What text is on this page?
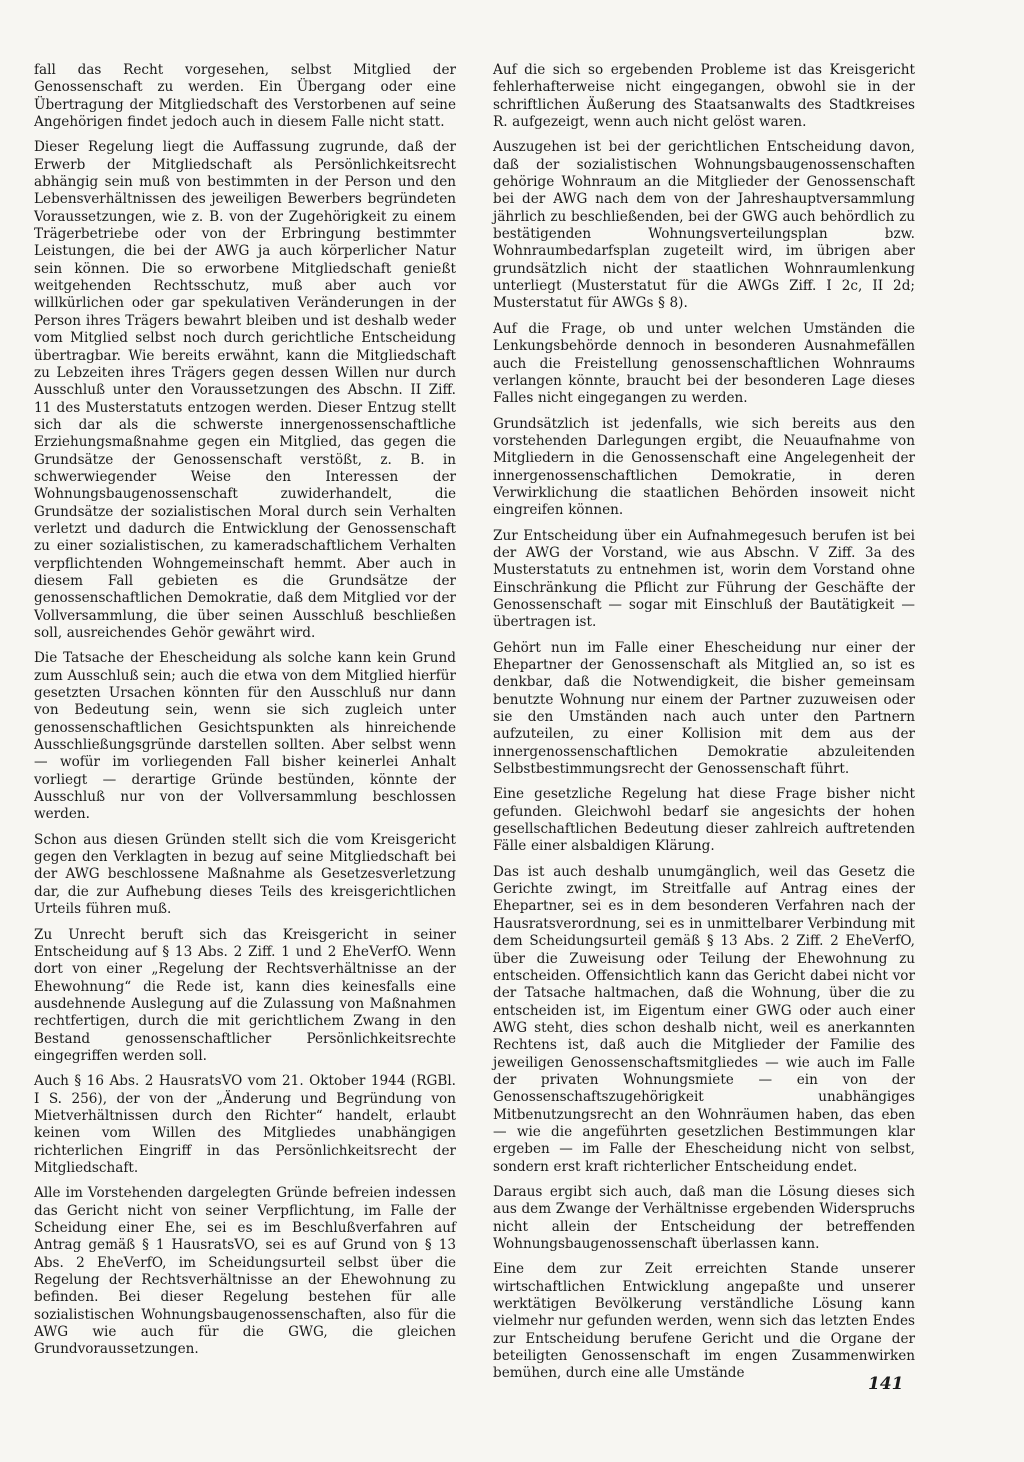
fall das Recht vorgesehen, selbst Mitglied der Genossenschaft zu werden. Ein Übergang oder eine Übertragung der Mitgliedschaft des Verstorbenen auf seine Angehörigen findet jedoch auch in diesem Falle nicht statt.

Dieser Regelung liegt die Auffassung zugrunde, daß der Erwerb der Mitgliedschaft als Persönlichkeitsrecht abhängig sein muß von bestimmten in der Person und den Lebensverhältnissen des jeweiligen Bewerbers begründeten Voraussetzungen, wie z. B. von der Zugehörigkeit zu einem Trägerbetriebe oder von der Erbringung bestimmter Leistungen, die bei der AWG ja auch körperlicher Natur sein können. Die so erworbene Mitgliedschaft genießt weitgehenden Rechtsschutz, muß aber auch vor willkürlichen oder gar spekulativen Veränderungen in der Person ihres Trägers bewahrt bleiben und ist deshalb weder vom Mitglied selbst noch durch gerichtliche Entscheidung übertragbar. Wie bereits erwähnt, kann die Mitgliedschaft zu Lebzeiten ihres Trägers gegen dessen Willen nur durch Ausschluß unter den Voraussetzungen des Abschn. II Ziff. 11 des Musterstatuts entzogen werden. Dieser Entzug stellt sich dar als die schwerste innergenossenschaftliche Erziehungsmaßnahme gegen ein Mitglied, das gegen die Grundsätze der Genossenschaft verstößt, z. B. in schwerwiegender Weise den Interessen der Wohnungsbaugenossenschaft zuwiderhandelt, die Grundsätze der sozialistischen Moral durch sein Verhalten verletzt und dadurch die Entwicklung der Genossenschaft zu einer sozialistischen, zu kameradschaftlichem Verhalten verpflichtenden Wohngemeinschaft hemmt. Aber auch in diesem Fall gebieten es die Grundsätze der genossenschaftlichen Demokratie, daß dem Mitglied vor der Vollversammlung, die über seinen Ausschluß beschließen soll, ausreichendes Gehör gewährt wird.

Die Tatsache der Ehescheidung als solche kann kein Grund zum Ausschluß sein; auch die etwa von dem Mitglied hierfür gesetzten Ursachen könnten für den Ausschluß nur dann von Bedeutung sein, wenn sie sich zugleich unter genossenschaftlichen Gesichtspunkten als hinreichende Ausschließungsgründe darstellen sollten. Aber selbst wenn — wofür im vorliegenden Fall bisher keinerlei Anhalt vorliegt — derartige Gründe bestünden, könnte der Ausschluß nur von der Vollversammlung beschlossen werden.

Schon aus diesen Gründen stellt sich die vom Kreisgericht gegen den Verklagten in bezug auf seine Mitgliedschaft bei der AWG beschlossene Maßnahme als Gesetzesverletzung dar, die zur Aufhebung dieses Teils des kreisgerichtlichen Urteils führen muß.

Zu Unrecht beruft sich das Kreisgericht in seiner Entscheidung auf § 13 Abs. 2 Ziff. 1 und 2 EheVerfO. Wenn dort von einer „Regelung der Rechtsverhältnisse an der Ehewohnung“ die Rede ist, kann dies keinesfalls eine ausdehnende Auslegung auf die Zulassung von Maßnahmen rechtfertigen, durch die mit gerichtlichem Zwang in den Bestand genossenschaftlicher Persönlichkeitsrechte eingegriffen werden soll.

Auch § 16 Abs. 2 HausratsVO vom 21. Oktober 1944 (RGBl. I S. 256), der von der „Änderung und Begründung von Mietverhältnissen durch den Richter“ handelt, erlaubt keinen vom Willen des Mitgliedes unabhängigen richterlichen Eingriff in das Persönlichkeitsrecht der Mitgliedschaft.

Alle im Vorstehenden dargelegten Gründe befreien indessen das Gericht nicht von seiner Verpflichtung, im Falle der Scheidung einer Ehe, sei es im Beschlußverfahren auf Antrag gemäß § 1 HausratsVO, sei es auf Grund von § 13 Abs. 2 EheVerfO, im Scheidungsurteil selbst über die Regelung der Rechtsverhältnisse an der Ehewohnung zu befinden. Bei dieser Regelung bestehen für alle sozialistischen Wohnungsbaugenossenschaften, also für die AWG wie auch für die GWG, die gleichen Grundvoraussetzungen.

Auf die sich so ergebenden Probleme ist das Kreisgericht fehlerhafterweise nicht eingegangen, obwohl sie in der schriftlichen Äußerung des Staatsanwalts des Stadtkreises R. aufgezeigt, wenn auch nicht gelöst waren.

Auszugehen ist bei der gerichtlichen Entscheidung davon, daß der sozialistischen Wohnungsbaugenossenschaften gehörige Wohnraum an die Mitglieder der Genossenschaft bei der AWG nach dem von der Jahreshauptversammlung jährlich zu beschließenden, bei der GWG auch behördlich zu bestätigenden Wohnungsverteilungsplan bzw. Wohnraumbedarfsplan zugeteilt wird, im übrigen aber grundsätzlich nicht der staatlichen Wohnraumlenkung unterliegt (Musterstatut für die AWGs Ziff. I 2c, II 2d; Musterstatut für AWGs § 8).

Auf die Frage, ob und unter welchen Umständen die Lenkungsbehörde dennoch in besonderen Ausnahmefällen auch die Freistellung genossenschaftlichen Wohnraums verlangen könnte, braucht bei der besonderen Lage dieses Falles nicht eingegangen zu werden.

Grundsätzlich ist jedenfalls, wie sich bereits aus den vorstehenden Darlegungen ergibt, die Neuaufnahme von Mitgliedern in die Genossenschaft eine Angelegenheit der innergenossenschaftlichen Demokratie, in deren Verwirklichung die staatlichen Behörden insoweit nicht eingreifen können.

Zur Entscheidung über ein Aufnahmegesuch berufen ist bei der AWG der Vorstand, wie aus Abschn. V Ziff. 3a des Musterstatuts zu entnehmen ist, worin dem Vorstand ohne Einschränkung die Pflicht zur Führung der Geschäfte der Genossenschaft — sogar mit Einschluß der Bautätigkeit — übertragen ist.

Gehört nun im Falle einer Ehescheidung nur einer der Ehepartner der Genossenschaft als Mitglied an, so ist es denkbar, daß die Notwendigkeit, die bisher gemeinsam benutzte Wohnung nur einem der Partner zuzuweisen oder sie den Umständen nach auch unter den Partnern aufzuteilen, zu einer Kollision mit dem aus der innergenossenschaftlichen Demokratie abzuleitenden Selbstbestimmungsrecht der Genossenschaft führt.

Eine gesetzliche Regelung hat diese Frage bisher nicht gefunden. Gleichwohl bedarf sie angesichts der hohen gesellschaftlichen Bedeutung dieser zahlreich auftretenden Fälle einer alsbaldigen Klärung.

Das ist auch deshalb unumgänglich, weil das Gesetz die Gerichte zwingt, im Streitfalle auf Antrag eines der Ehepartner, sei es in dem besonderen Verfahren nach der Hausratsverordnung, sei es in unmittelbarer Verbindung mit dem Scheidungsurteil gemäß § 13 Abs. 2 Ziff. 2 EheVerfO, über die Zuweisung oder Teilung der Ehewohnung zu entscheiden. Offensichtlich kann das Gericht dabei nicht vor der Tatsache haltmachen, daß die Wohnung, über die zu entscheiden ist, im Eigentum einer GWG oder auch einer AWG steht, dies schon deshalb nicht, weil es anerkannten Rechtens ist, daß auch die Mitglieder der Familie des jeweiligen Genossenschaftsmitgliedes — wie auch im Falle der privaten Wohnungsmiete — ein von der Genossenschaftszugehörigkeit unabhängiges Mitbenutzungsrecht an den Wohnräumen haben, das eben — wie die angeführten gesetzlichen Bestimmungen klar ergeben — im Falle der Ehescheidung nicht von selbst, sondern erst kraft richterlicher Entscheidung endet.

Daraus ergibt sich auch, daß man die Lösung dieses sich aus dem Zwange der Verhältnisse ergebenden Widerspruchs nicht allein der Entscheidung der betreffenden Wohnungsbaugenossenschaft überlassen kann.

Eine dem zur Zeit erreichten Stande unserer wirtschaftlichen Entwicklung angepaßte und unserer werktätigen Bevölkerung verständliche Lösung kann vielmehr nur gefunden werden, wenn sich das letzten Endes zur Entscheidung berufene Gericht und die Organe der beteiligten Genossenschaft im engen Zusammenwirken bemühen, durch eine alle Umstände

141
